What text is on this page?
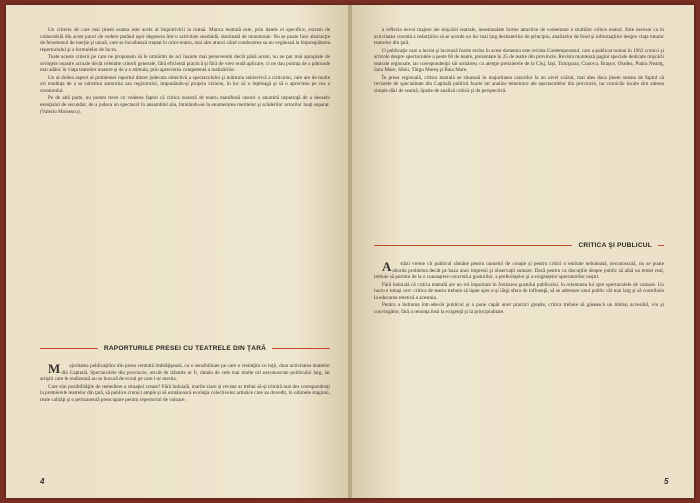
Un criteriu de care mai ținem seama este acela al împotrivirii la rutină. Munca teatrală este, prin datele ei specifice, extrem de vulnerabilă din acest punct de vedere putând uşor degenera într-o activitate searbădă, dominată de monotonie. Nu se poate face abstracţie de fenomenul de inerţie şi uzură, care se încuibează treptat în orice teatru, mai ales atunci când conducerea sa nu veghează la împrospătarea repertoriului şi a formulelor de lucru.

Toate aceste criterii pe care ne propunem să le urmărim de aci înainte mai perseverent decât până acum, nu ne par mai apropiate de cerinţele noastre actuale decât celelalte criterii generale, fără eficientă practică şi fără de vreo reală aplicare, ci ne dau putinţa de a pătrunde mai adânc în viaţa teatrelor noastre şi de a o stimula, prin aprecierea competentă a realizărilor.

Un al doilea aspect al problemei raportul dintre judecata obiectivă a spectacolului şi mărturia subiectivă a criticului, care are de multe ori tendinţa de a se substitui autorului sau regizorului, impunându-şi propria viziune, în loc să o înţeleagă şi să o aprecieze pe cea a creatorului.

Pe de altă parte, nu putem trece cu vederea faptul că critica noastră de teatru manifestă uneori o anumită neputinţă de a deosebi esenţialul de secundar, de a judeca un spectacol în ansamblul său, limitându-se la enumerarea meritelor şi scăderilor actorilor luaţi separat. (Valeriu Moisescu).

RAPORTURILE PRESEI CU TEATRELE DIN ŢARĂ

Majoritatea publicaţiilor din presa centrală îmbrăţişează, cu o sensibilitate pe care o resimţim cu toţii, doar activitatea teatrelor din Capitală. Spectacolele din provincie, oricât de izbutite ar fi, rămân de cele mai multe ori necunoscute publicului larg, iar artiştii care le realizează nu se bucură de ecoul pe care l-ar merita.

Care sînt posibilităţile de remediere a situaţiei create? Fără îndoială, marile ziare şi reviste ar trebui să-şi trimită mai des corespondenţi la premierele teatrelor din ţară, să publice cronici ample şi să urmărească evoluţia colectivelor artistice care au dovedit, în ultimele stagiuni, reale calităţi şi o permanentă preocupare pentru repertoriul de valoare.

4

a reflecta nevoi majore ale mişcării teatrale, nesemnalate forme atractive de comentare a studiilor critice teatral. Este necesar ca în activitatea curentă a redacţiilor să se acorde un loc mai larg dezbaterilor de principiu, analizelor de fond şi informaţiilor despre viaţa tuturor teatrelor din ţară.

O publicaţie care a lucrat şi lucrează foarte serios în acest domeniu este revista Contemporanul, care a publicat numai în 1962 cronici şi articole despre spectacolele a peste 60 de teatre, prezentate în 25 de teatre din provincie. Revista montează pagini speciale dedicate mişcării teatrale regionale, iar corespondenţii săi urmăresc cu atenţie premierele de la Cluj, Iaşi, Timişoara, Craiova, Braşov, Oradea, Piatra Neamţ, Satu Mare, Sibiu, Târgu Mureş şi Baia Mare.

În presa regională, critica teatrală se situează în majoritatea cazurilor la un nivel scăzut, mai ales daca ţinem seama de faptul că revistele de specialitate din Capitală publică foarte rar analize temeinice ale spectacolelor din provincie, iar cronicile locale sînt adesea simple dări de seamă, lipsite de analiză critică şi de perspectivă.

CRITICA ŞI PUBLICUL

Astăzi vreme cît publicul râmâne pentru oamenii de creaţie şi pentru critici o entitate nebuloasă, necunoscută, nu se poate aborda problema decât pe baza unor impresii şi observaţii sumare. Dacă pentru ca discuţiile despre public să aibă un temei real, trebuie să pornim de la o cunoaştere concretă a gusturilor, a preferinţelor şi a exigenţelor spectatorilor noştri.

Fără îndoială că critica teatrală are un rol important în formarea gustului publicului, în orientarea lui spre spectacolele de valoare. Un lucru e totuşi cert: critica de teatru trebuie să lupte spre a-şi lărgi sfera de influenţă, să se adreseze unui public cât mai larg şi să contribuie la educarea estetică a acestuia.

Pentru a îndruma într-adevăr publicul şi a pune capăt unor practici greşite, critica trebuie să găsească un limbaj accesibil, viu şi convingător, fără a renunţa însă la exigenţă şi la principialitate.

5
